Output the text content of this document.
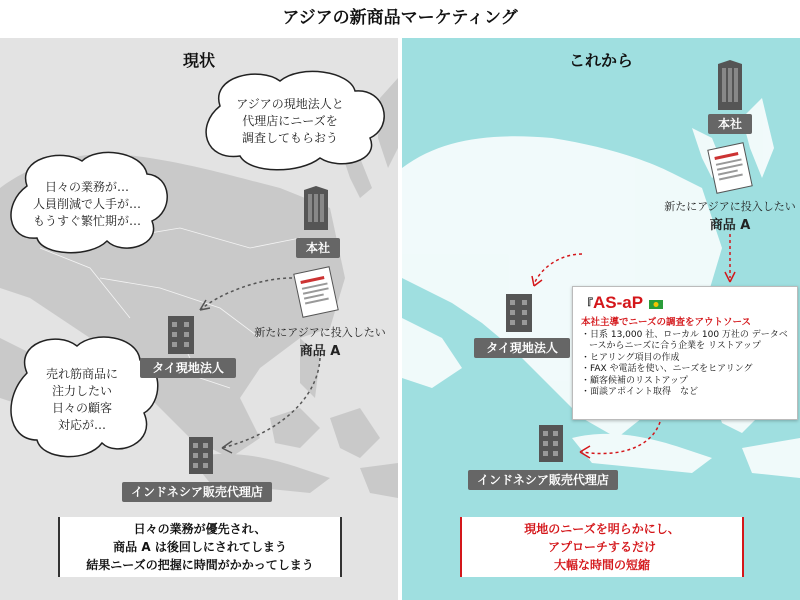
アジアの新商品マーケティング
現状
アジアの現地法人と
代理店にニーズを
調査してもらおう
日々の業務が…
人員削減で人手が…
もうすぐ繁忙期が…
売れ筋商品に
注力したい
日々の顧客
対応が…
本社
新たにアジアに投入したい
商品 A
タイ現地法人
インドネシア販売代理店
日々の業務が優先され、
商品 A は後回しにされてしまう
結果ニーズの把握に時間がかかってしまう
これから
本社
新たにアジアに投入したい
商品 A
タイ現地法人
インドネシア販売代理店
『AS-aP
本社主導でニーズの調査をアウトソース
・日系 13,000 社、ローカル 100 万社の データベースからニーズに合う企業を リストアップ
・ヒアリング項目の作成
・FAX や電話を使い、ニーズをヒアリング
・顧客候補のリストアップ
・面談アポイント取得　など
現地のニーズを明らかにし、
アプローチするだけ
大幅な時間の短縮
